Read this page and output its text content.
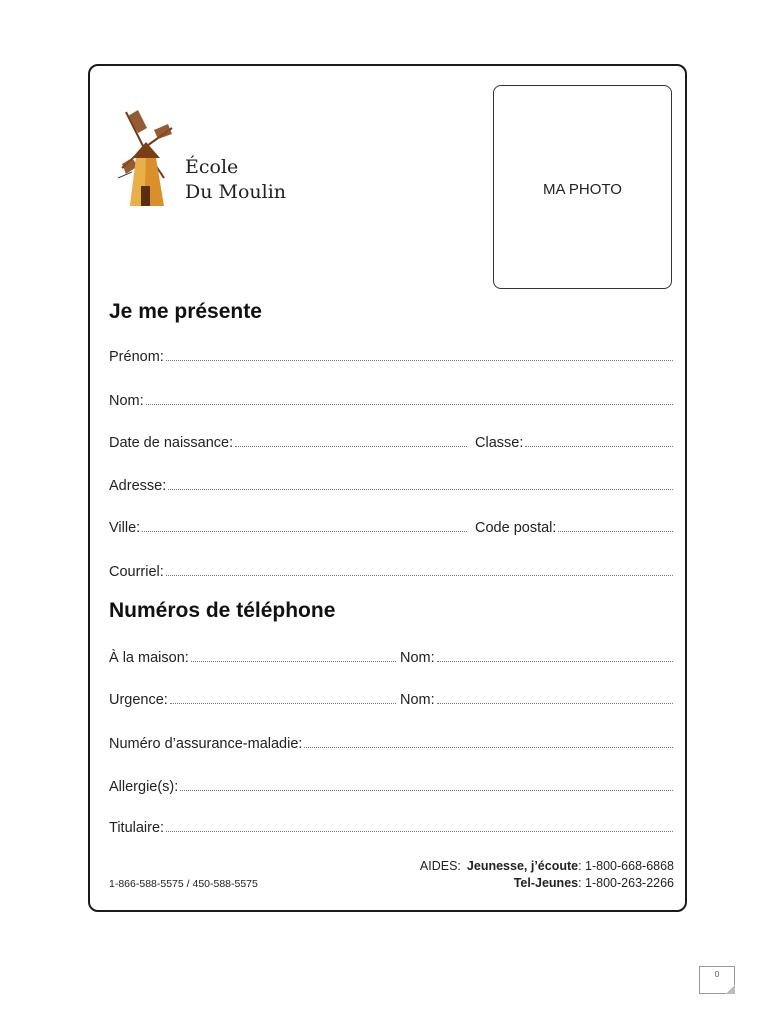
École
Du Moulin	MA PHOTO
Je me présente
Prénom:
Nom:
Date de naissance:	Classe:
Adresse:
Ville:	Code postal:
Courriel:
Numéros de téléphone
À la maison:	Nom:
Urgence:	Nom:
Numéro d’assurance-maladie:
Allergie(s):
Titulaire:
1-866-588-5575 / 450-588-5575
AIDES: Jeunesse, j’écoute: 1-800-668-6868
Tel-Jeunes: 1-800-263-2266
0
